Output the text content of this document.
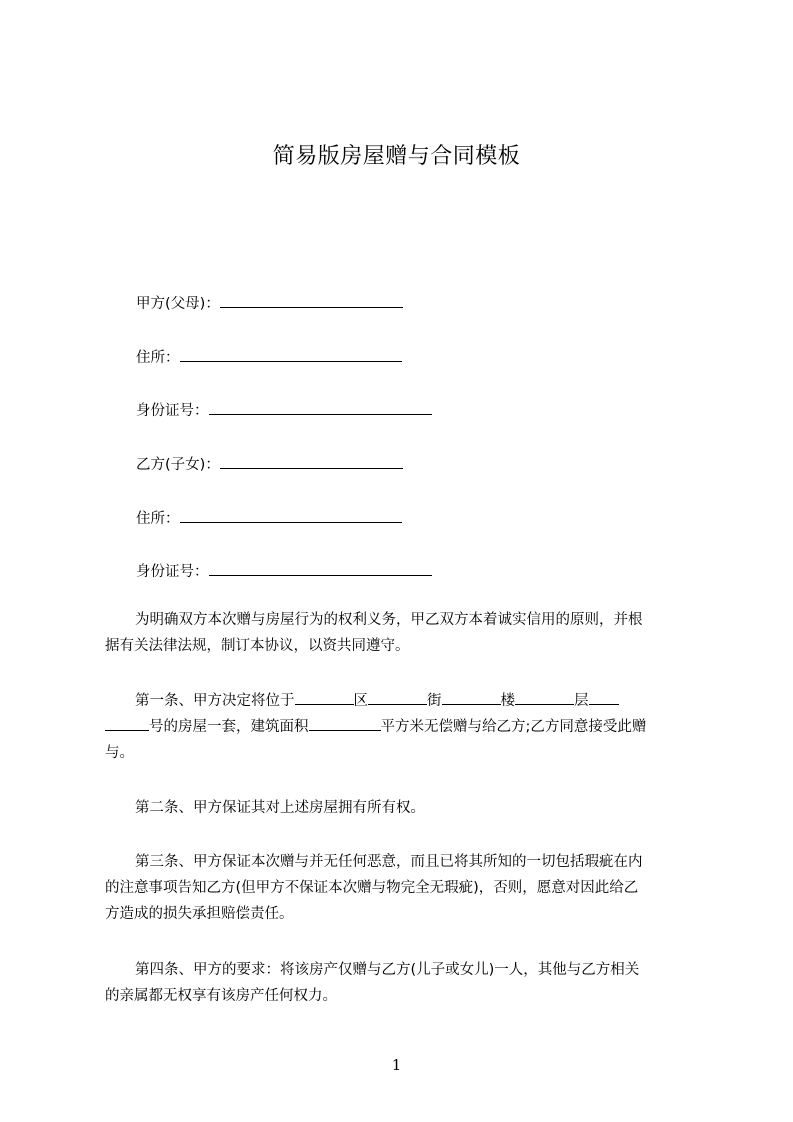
简易版房屋赠与合同模板
甲方(父母)：
住所：
身份证号：
乙方(子女)：
住所：
身份证号：
为明确双方本次赠与房屋行为的权利义务，甲乙双方本着诚实信用的原则，并根
据有关法律法规，制订本协议，以资共同遵守。
第一条、甲方决定将位于	区	街	楼	层
号的房屋一套，建筑面积	平方米无偿赠与给乙方;乙方同意接受此赠
与。
第二条、甲方保证其对上述房屋拥有所有权。
第三条、甲方保证本次赠与并无任何恶意，而且已将其所知的一切包括瑕疵在内
的注意事项告知乙方(但甲方不保证本次赠与物完全无瑕疵)，否则，愿意对因此给乙
方造成的损失承担赔偿责任。
第四条、甲方的要求：将该房产仅赠与乙方(儿子或女儿)一人，其他与乙方相关
的亲属都无权享有该房产任何权力。
1
